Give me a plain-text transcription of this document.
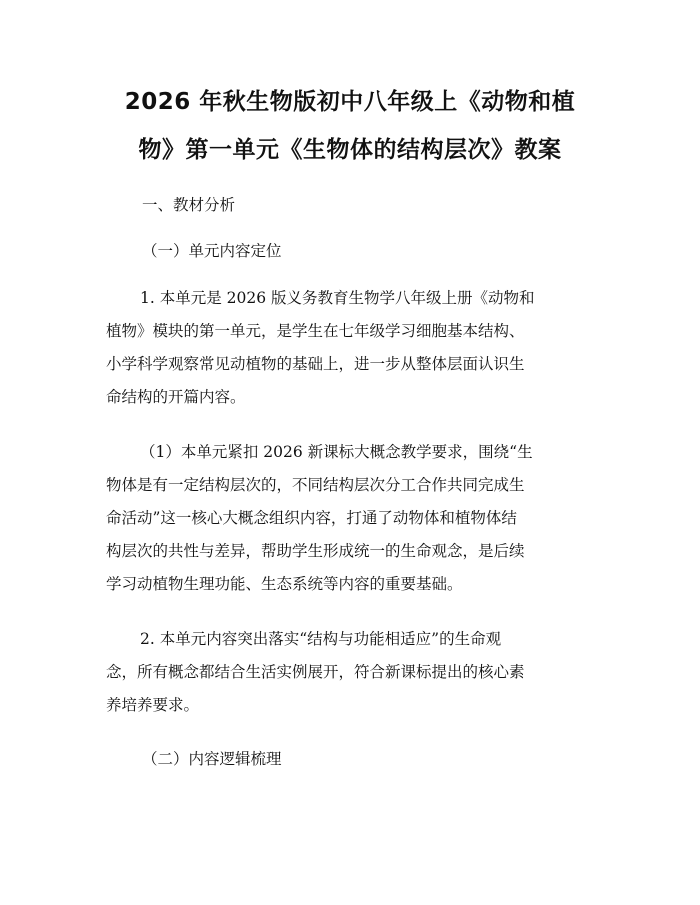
2026 年秋生物版初中八年级上《动物和植
物》第一单元《生物体的结构层次》教案
一、教材分析
（一）单元内容定位
1. 本单元是 2026 版义务教育生物学八年级上册《动物和
植物》模块的第一单元，是学生在七年级学习细胞基本结构、
小学科学观察常见动植物的基础上，进一步从整体层面认识生
命结构的开篇内容。
（1）本单元紧扣 2026 新课标大概念教学要求，围绕“生
物体是有一定结构层次的，不同结构层次分工合作共同完成生
命活动”这一核心大概念组织内容，打通了动物体和植物体结
构层次的共性与差异，帮助学生形成统一的生命观念，是后续
学习动植物生理功能、生态系统等内容的重要基础。
2. 本单元内容突出落实“结构与功能相适应”的生命观
念，所有概念都结合生活实例展开，符合新课标提出的核心素
养培养要求。
（二）内容逻辑梳理
